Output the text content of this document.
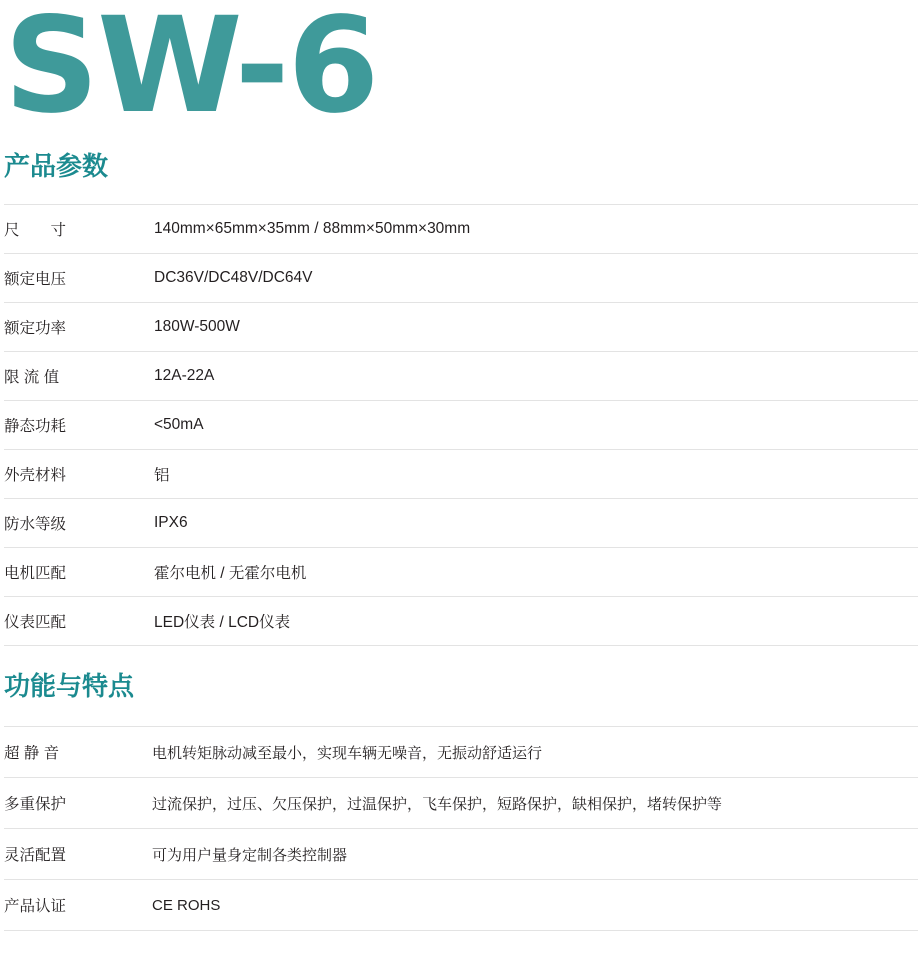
SW-6
产品参数
尺　　寸	140mm×65mm×35mm / 88mm×50mm×30mm
额定电压	DC36V/DC48V/DC64V
额定功率	180W-500W
限 流 值	12A-22A
静态功耗	<50mA
外壳材料	铝
防水等级	IPX6
电机匹配	霍尔电机 / 无霍尔电机
仪表匹配	LED仪表 / LCD仪表
功能与特点
超 静 音	电机转矩脉动减至最小，实现车辆无噪音，无振动舒适运行
多重保护	过流保护，过压、欠压保护，过温保护，飞车保护，短路保护，缺相保护，堵转保护等
灵活配置	可为用户量身定制各类控制器
产品认证	CE ROHS
